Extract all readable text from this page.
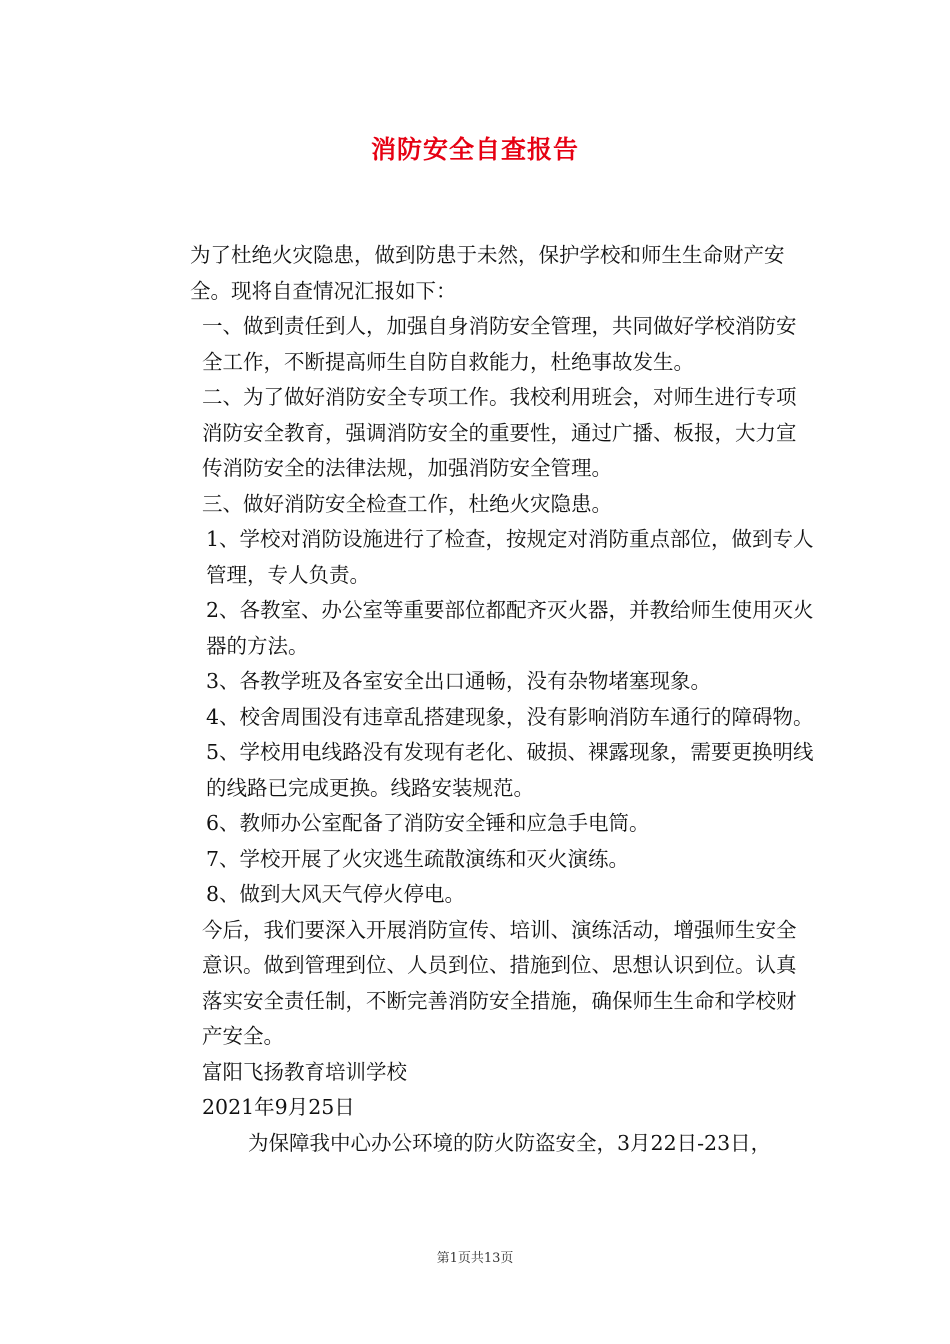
消防安全自查报告

为了杜绝火灾隐患，做到防患于未然，保护学校和师生生命财产安全。现将自查情况汇报如下：

一、做到责任到人，加强自身消防安全管理，共同做好学校消防安全工作，不断提高师生自防自救能力，杜绝事故发生。

二、为了做好消防安全专项工作。我校利用班会，对师生进行专项消防安全教育，强调消防安全的重要性，通过广播、板报，大力宣传消防安全的法律法规，加强消防安全管理。

三、做好消防安全检查工作，杜绝火灾隐患。

1、学校对消防设施进行了检查，按规定对消防重点部位，做到专人管理，专人负责。

2、各教室、办公室等重要部位都配齐灭火器，并教给师生使用灭火器的方法。

3、各教学班及各室安全出口通畅，没有杂物堵塞现象。

4、校舍周围没有违章乱搭建现象，没有影响消防车通行的障碍物。

5、学校用电线路没有发现有老化、破损、裸露现象，需要更换明线的线路已完成更换。线路安装规范。

6、教师办公室配备了消防安全锤和应急手电筒。

7、学校开展了火灾逃生疏散演练和灭火演练。

8、做到大风天气停火停电。

今后，我们要深入开展消防宣传、培训、演练活动，增强师生安全意识。做到管理到位、人员到位、措施到位、思想认识到位。认真落实安全责任制，不断完善消防安全措施，确保师生生命和学校财产安全。

富阳飞扬教育培训学校

2021年9月25日

为保障我中心办公环境的防火防盗安全，3月22日-23日，

第1页共13页
